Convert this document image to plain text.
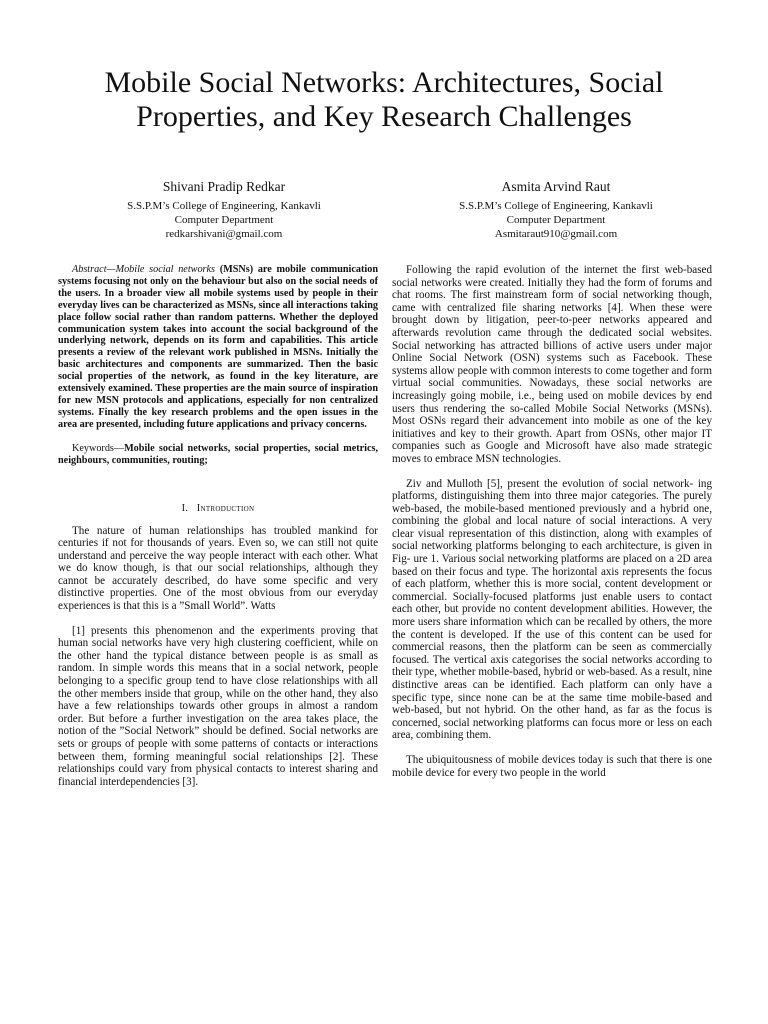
Mobile Social Networks: Architectures, Social Properties, and Key Research Challenges
Shivani Pradip Redkar
S.S.P.M’s College of Engineering, Kankavli
Computer Department
redkarshivani@gmail.com
Asmita Arvind Raut
S.S.P.M’s College of Engineering, Kankavli
Computer Department
Asmitaraut910@gmail.com

Abstract—Mobile social networks (MSNs) are mobile communication systems focusing not only on the behaviour but also on the social needs of the users. In a broader view all mobile systems used by people in their everyday lives can be characterized as MSNs, since all interactions taking place follow social rather than random patterns. Whether the deployed communication system takes into account the social background of the underlying network, depends on its form and capabilities. This article presents a review of the relevant work published in MSNs. Initially the basic architectures and components are summarized. Then the basic social properties of the network, as found in the key literature, are extensively examined. These properties are the main source of inspiration for new MSN protocols and applications, especially for non centralized systems. Finally the key research problems and the open issues in the area are presented, including future applications and privacy concerns.

Keywords—Mobile social networks, social properties, social metrics, neighbours, communities, routing;

I. Introduction

The nature of human relationships has troubled mankind for centuries if not for thousands of years. Even so, we can still not quite understand and perceive the way people interact with each other. What we do know though, is that our social relationships, although they cannot be accurately described, do have some specific and very distinctive properties. One of the most obvious from our everyday experiences is that this is a ”Small World”. Watts

[1] presents this phenomenon and the experiments proving that human social networks have very high clustering coefficient, while on the other hand the typical distance between people is as small as random. In simple words this means that in a social network, people belonging to a specific group tend to have close relationships with all the other members inside that group, while on the other hand, they also have a few relationships towards other groups in almost a random order. But before a further investigation on the area takes place, the notion of the ”Social Network” should be defined. Social networks are sets or groups of people with some patterns of contacts or interactions between them, forming meaningful social relationships [2]. These relationships could vary from physical contacts to interest sharing and financial interdependencies [3].

Following the rapid evolution of the internet the first web-based social networks were created. Initially they had the form of forums and chat rooms. The first mainstream form of social networking though, came with centralized file sharing networks [4]. When these were brought down by litigation, peer-to-peer networks appeared and afterwards revolution came through the dedicated social websites. Social networking has attracted billions of active users under major Online Social Network (OSN) systems such as Facebook. These systems allow people with common interests to come together and form virtual social communities. Nowadays, these social networks are increasingly going mobile, i.e., being used on mobile devices by end users thus rendering the so-called Mobile Social Networks (MSNs). Most OSNs regard their advancement into mobile as one of the key initiatives and key to their growth. Apart from OSNs, other major IT companies such as Google and Microsoft have also made strategic moves to embrace MSN technologies.

Ziv and Mulloth [5], present the evolution of social network- ing platforms, distinguishing them into three major categories. The purely web-based, the mobile-based mentioned previously and a hybrid one, combining the global and local nature of social interactions. A very clear visual representation of this distinction, along with examples of social networking platforms belonging to each architecture, is given in Fig- ure 1. Various social networking platforms are placed on a 2D area based on their focus and type. The horizontal axis represents the focus of each platform, whether this is more social, content development or commercial. Socially-focused platforms just enable users to contact each other, but provide no content development abilities. However, the more users share information which can be recalled by others, the more the content is developed. If the use of this content can be used for commercial reasons, then the platform can be seen as commercially focused. The vertical axis categorises the social networks according to their type, whether mobile-based, hybrid or web-based. As a result, nine distinctive areas can be identified. Each platform can only have a specific type, since none can be at the same time mobile-based and web-based, but not hybrid. On the other hand, as far as the focus is concerned, social networking platforms can focus more or less on each area, combining them.

The ubiquitousness of mobile devices today is such that there is one mobile device for every two people in the world
